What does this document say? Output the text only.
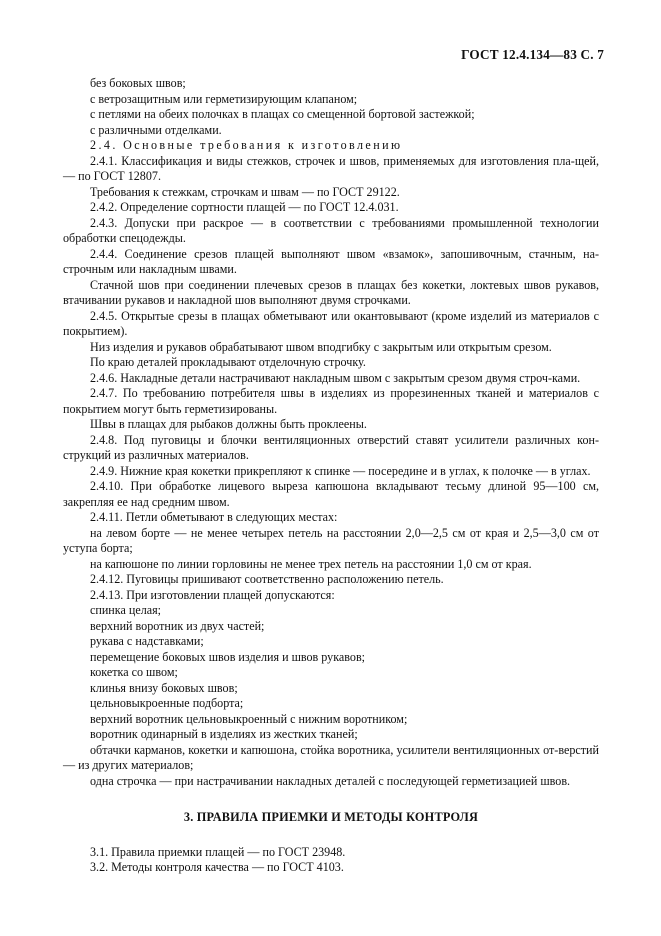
ГОСТ 12.4.134—83 С. 7

без боковых швов;

с ветрозащитным или герметизирующим клапаном;

с петлями на обеих полочках в плащах со смещенной бортовой застежкой;

с различными отделками.

2.4. Основные требования к изготовлению

2.4.1. Классификация и виды стежков, строчек и швов, применяемых для изготовления пла-щей, — по ГОСТ 12807.

Требования к стежкам, строчкам и швам — по ГОСТ 29122.

2.4.2. Определение сортности плащей — по ГОСТ 12.4.031.

2.4.3. Допуски при раскрое — в соответствии с требованиями промышленной технологии обработки спецодежды.

2.4.4. Соединение срезов плащей выполняют швом «взамок», запошивочным, стачным, на-строчным или накладным швами.

Стачной шов при соединении плечевых срезов в плащах без кокетки, локтевых швов рукавов, втачивании рукавов и накладной шов выполняют двумя строчками.

2.4.5. Открытые срезы в плащах обметывают или окантовывают (кроме изделий из материалов с покрытием).

Низ изделия и рукавов обрабатывают швом вподгибку с закрытым или открытым срезом.

По краю деталей прокладывают отделочную строчку.

2.4.6. Накладные детали настрачивают накладным швом с закрытым срезом двумя строч-ками.

2.4.7. По требованию потребителя швы в изделиях из прорезиненных тканей и материалов с покрытием могут быть герметизированы.

Швы в плащах для рыбаков должны быть проклеены.

2.4.8. Под пуговицы и блочки вентиляционных отверстий ставят усилители различных кон-струкций из различных материалов.

2.4.9. Нижние края кокетки прикрепляют к спинке — посередине и в углах, к полочке — в углах.

2.4.10. При обработке лицевого выреза капюшона вкладывают тесьму длиной 95—100 см, закрепляя ее над средним швом.

2.4.11. Петли обметывают в следующих местах:

на левом борте — не менее четырех петель на расстоянии 2,0—2,5 см от края и 2,5—3,0 см от уступа борта;

на капюшоне по линии горловины не менее трех петель на расстоянии 1,0 см от края.

2.4.12. Пуговицы пришивают соответственно расположению петель.

2.4.13. При изготовлении плащей допускаются:

спинка целая;

верхний воротник из двух частей;

рукава с надставками;

перемещение боковых швов изделия и швов рукавов;

кокетка со швом;

клинья внизу боковых швов;

цельновыкроенные подборта;

верхний воротник цельновыкроенный с нижним воротником;

воротник одинарный в изделиях из жестких тканей;

обтачки карманов, кокетки и капюшона, стойка воротника, усилители вентиляционных от-верстий — из других материалов;

одна строчка — при настрачивании накладных деталей с последующей герметизацией швов.

3. ПРАВИЛА ПРИЕМКИ И МЕТОДЫ КОНТРОЛЯ

3.1. Правила приемки плащей — по ГОСТ 23948.

3.2. Методы контроля качества — по ГОСТ 4103.
